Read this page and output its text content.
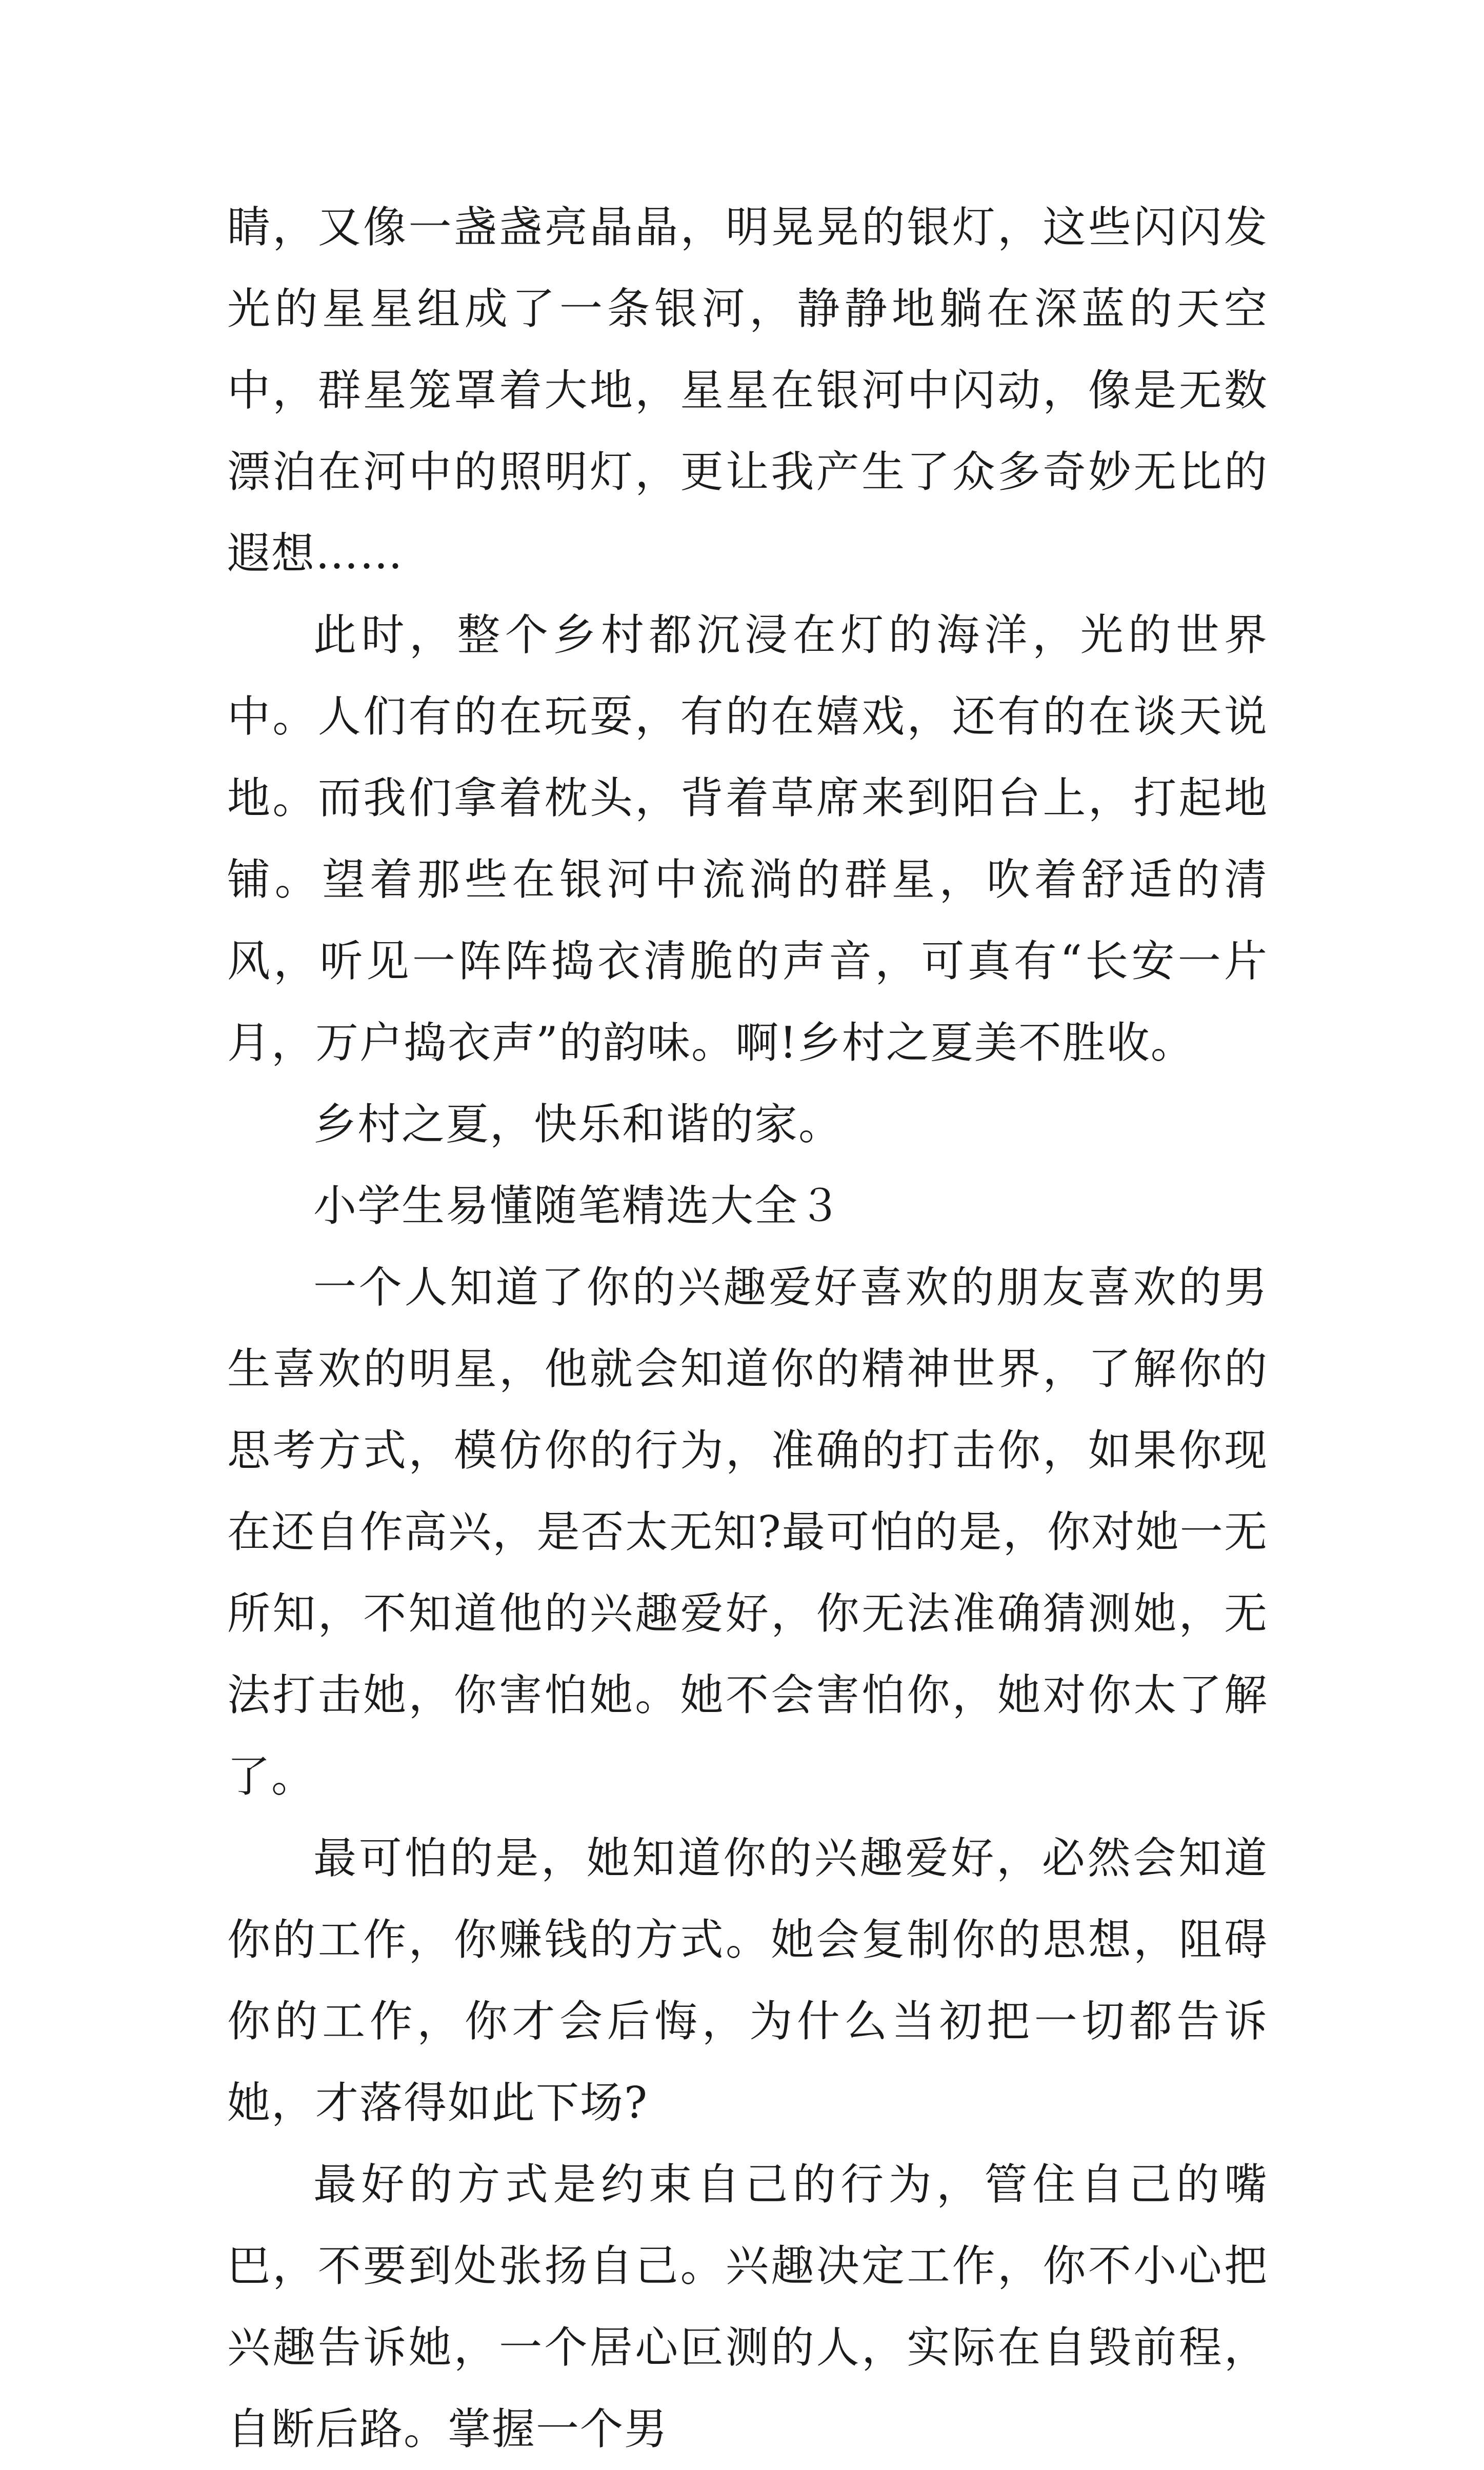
睛，又像一盏盏亮晶晶，明晃晃的银灯，这些闪闪发光的星星组成了一条银河，静静地躺在深蓝的天空中，群星笼罩着大地，星星在银河中闪动，像是无数漂泊在河中的照明灯，更让我产生了众多奇妙无比的遐想……

此时，整个乡村都沉浸在灯的海洋，光的世界中。人们有的在玩耍，有的在嬉戏，还有的在谈天说地。而我们拿着枕头，背着草席来到阳台上，打起地铺。望着那些在银河中流淌的群星，吹着舒适的清风，听见一阵阵捣衣清脆的声音，可真有“长安一片月，万户捣衣声”的韵味。啊!乡村之夏美不胜收。

乡村之夏，快乐和谐的家。

小学生易懂随笔精选大全３

一个人知道了你的兴趣爱好喜欢的朋友喜欢的男生喜欢的明星，他就会知道你的精神世界，了解你的思考方式，模仿你的行为，准确的打击你，如果你现在还自作高兴，是否太无知?最可怕的是，你对她一无所知，不知道他的兴趣爱好，你无法准确猜测她，无法打击她，你害怕她。她不会害怕你，她对你太了解了。

最可怕的是，她知道你的兴趣爱好，必然会知道你的工作，你赚钱的方式。她会复制你的思想，阻碍你的工作，你才会后悔，为什么当初把一切都告诉她，才落得如此下场?

最好的方式是约束自己的行为，管住自己的嘴巴，不要到处张扬自己。兴趣决定工作，你不小心把兴趣告诉她，一个居心叵测的人，实际在自毁前程，自断后路。掌握一个男
